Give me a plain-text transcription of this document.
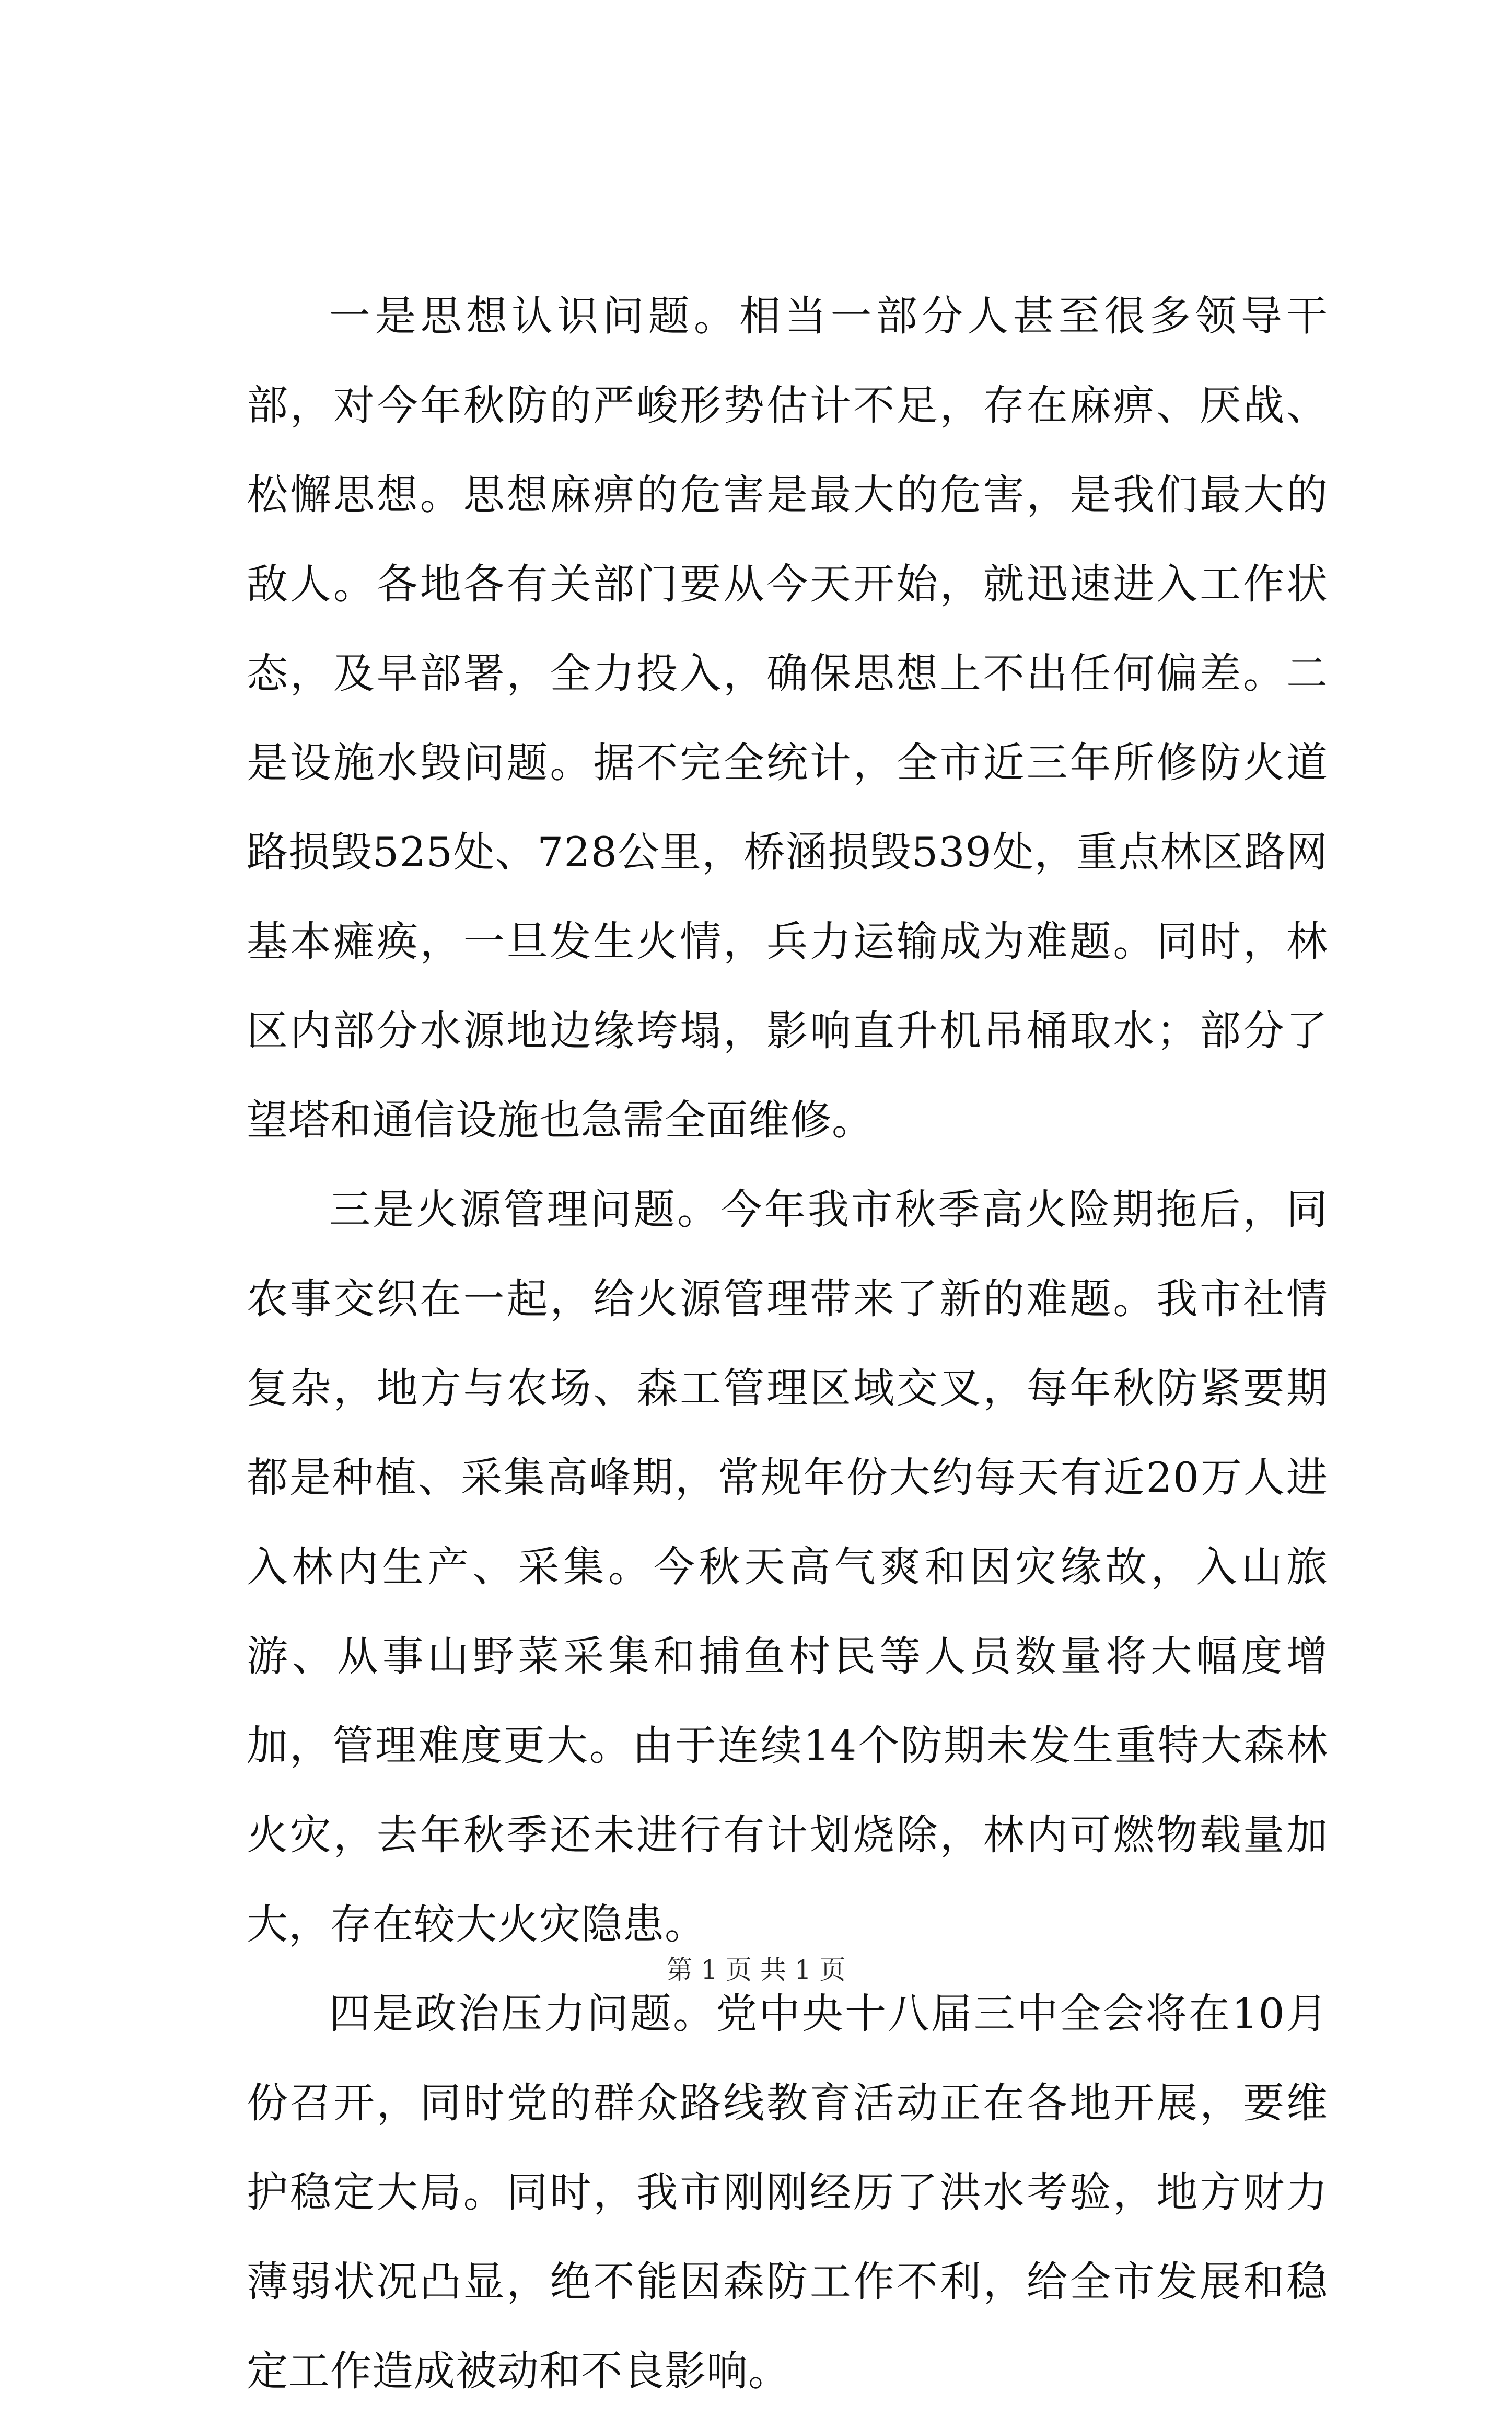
一是思想认识问题。相当一部分人甚至很多领导干部，对今年秋防的严峻形势估计不足，存在麻痹、厌战、松懈思想。思想麻痹的危害是最大的危害，是我们最大的敌人。各地各有关部门要从今天开始，就迅速进入工作状态，及早部署，全力投入，确保思想上不出任何偏差。二是设施水毁问题。据不完全统计，全市近三年所修防火道路损毁525处、728公里，桥涵损毁539处，重点林区路网基本瘫痪，一旦发生火情，兵力运输成为难题。同时，林区内部分水源地边缘垮塌，影响直升机吊桶取水；部分了望塔和通信设施也急需全面维修。

三是火源管理问题。今年我市秋季高火险期拖后，同农事交织在一起，给火源管理带来了新的难题。我市社情复杂，地方与农场、森工管理区域交叉，每年秋防紧要期都是种植、采集高峰期，常规年份大约每天有近20万人进入林内生产、采集。今秋天高气爽和因灾缘故，入山旅游、从事山野菜采集和捕鱼村民等人员数量将大幅度增加，管理难度更大。由于连续14个防期未发生重特大森林火灾，去年秋季还未进行有计划烧除，林内可燃物载量加大，存在较大火灾隐患。

四是政治压力问题。党中央十八届三中全会将在10月份召开，同时党的群众路线教育活动正在各地开展，要维护稳定大局。同时，我市刚刚经历了洪水考验，地方财力薄弱状况凸显，绝不能因森防工作不利，给全市发展和稳定工作造成被动和不良影响。

第 1 页 共 1 页
